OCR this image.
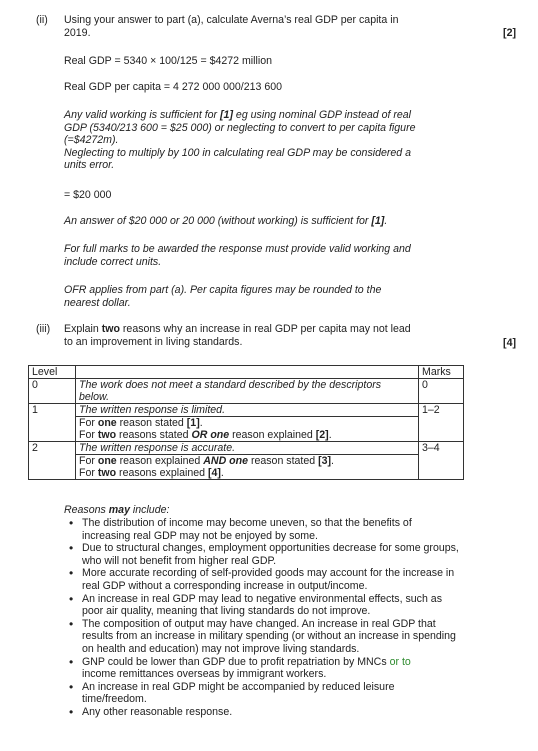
(ii) Using your answer to part (a), calculate Averna’s real GDP per capita in
2019.	[2]
Real GDP = 5340 × 100/125 = $4272 million
Real GDP per capita = 4 272 000 000/213 600
Any valid working is sufficient for [1] eg using nominal GDP instead of real
GDP (5340/213 600 = $25 000) or neglecting to convert to per capita figure
(=$4272m).
Neglecting to multiply by 100 in calculating real GDP may be considered a
units error.
= $20 000
An answer of $20 000 or 20 000 (without working) is sufficient for [1].
For full marks to be awarded the response must provide valid working and
include correct units.
OFR applies from part (a). Per capita figures may be rounded to the
nearest dollar.
(iii) Explain two reasons why an increase in real GDP per capita may not lead
to an improvement in living standards.	[4]
Level		Marks
0	The work does not meet a standard described by the descriptors
below.	0
1	The written response is limited.	1–2

	For one reason stated [1].
For two reasons stated OR one reason explained [2].	

2	The written response is accurate.	3–4

	For one reason explained AND one reason stated [3].
For two reasons explained [4].	
Reasons may include:
• The distribution of income may become uneven, so that the benefits of increasing real GDP may not be enjoyed by some.
• Due to structural changes, employment opportunities decrease for some groups, who will not benefit from higher real GDP.
• More accurate recording of self-provided goods may account for the increase in real GDP without a corresponding increase in output/income.
• An increase in real GDP may lead to negative environmental effects, such as poor air quality, meaning that living standards do not improve.
• The composition of output may have changed. An increase in real GDP that results from an increase in military spending (or without an increase in spending on health and education) may not improve living standards.
• GNP could be lower than GDP due to profit repatriation by MNCs or to
income remittances overseas by immigrant workers.
• An increase in real GDP might be accompanied by reduced leisure time/freedom.
• Any other reasonable response.
